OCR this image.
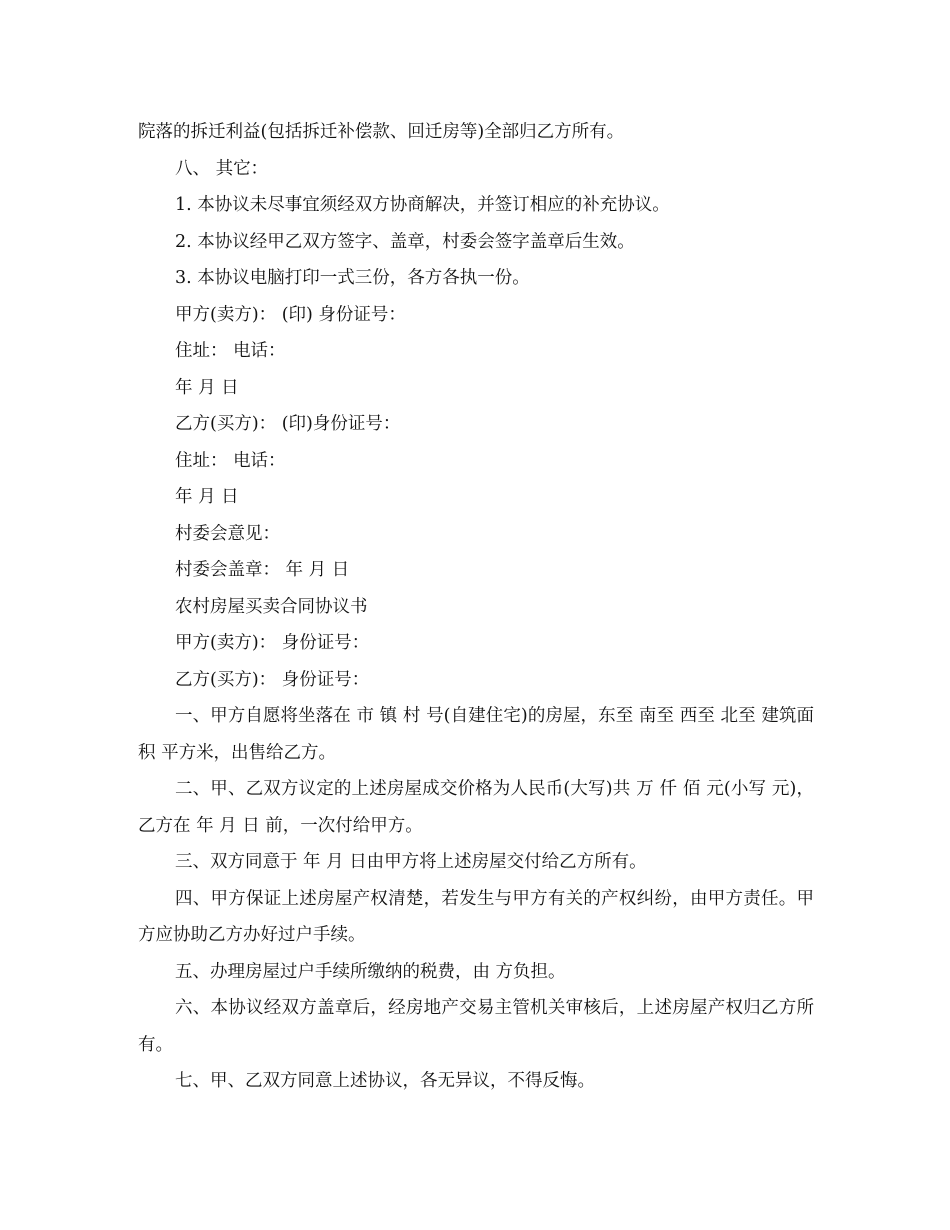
院落的拆迁利益(包括拆迁补偿款、回迁房等)全部归乙方所有。

八、 其它：

1. 本协议未尽事宜须经双方协商解决，并签订相应的补充协议。

2. 本协议经甲乙双方签字、盖章，村委会签字盖章后生效。

3. 本协议电脑打印一式三份，各方各执一份。

甲方(卖方)： (印) 身份证号：

住址： 电话：

年 月 日

乙方(买方)： (印)身份证号：

住址： 电话：

年 月 日

村委会意见：

村委会盖章： 年 月 日

农村房屋买卖合同协议书

甲方(卖方)： 身份证号：

乙方(买方)： 身份证号：

一、甲方自愿将坐落在 市 镇 村 号(自建住宅)的房屋，东至 南至 西至 北至 建筑面积 平方米，出售给乙方。

二、甲、乙双方议定的上述房屋成交价格为人民币(大写)共 万 仟 佰 元(小写 元)，乙方在 年 月 日 前，一次付给甲方。

三、双方同意于 年 月 日由甲方将上述房屋交付给乙方所有。

四、甲方保证上述房屋产权清楚，若发生与甲方有关的产权纠纷，由甲方责任。甲方应协助乙方办好过户手续。

五、办理房屋过户手续所缴纳的税费，由 方负担。

六、本协议经双方盖章后，经房地产交易主管机关审核后，上述房屋产权归乙方所有。

七、甲、乙双方同意上述协议，各无异议，不得反悔。
